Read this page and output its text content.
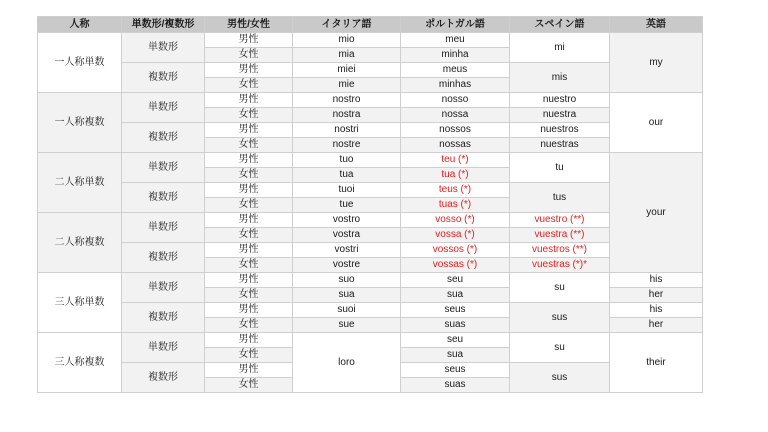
人称	単数形/複数形	男性/女性	イタリア語	ポルトガル語	スペイン語	英語
一人称単数	単数形	男性	mio	meu	mi	my
		女性	mia	minha		
	複数形	男性	miei	meus	mis	
		女性	mie	minhas		
一人称複数	単数形	男性	nostro	nosso	nuestro	our
		女性	nostra	nossa	nuestra	
	複数形	男性	nostri	nossos	nuestros	
		女性	nostre	nossas	nuestras	
二人称単数	単数形	男性	tuo	teu (*)	tu	your
		女性	tua	tua (*)		
	複数形	男性	tuoi	teus (*)	tus	
		女性	tue	tuas (*)		
二人称複数	単数形	男性	vostro	vosso (*)	vuestro (**)	
		女性	vostra	vossa (*)	vuestra (**)	
	複数形	男性	vostri	vossos (*)	vuestros (**)	
		女性	vostre	vossas (*)	vuestras (*)*	
三人称単数	単数形	男性	suo	seu	su	his
		女性	sua	sua		her
	複数形	男性	suoi	seus	sus	his
		女性	sue	suas		her
三人称複数	単数形	男性	loro	seu	su	their
		女性		sua		
	複数形	男性		seus	sus	
		女性		suas		
